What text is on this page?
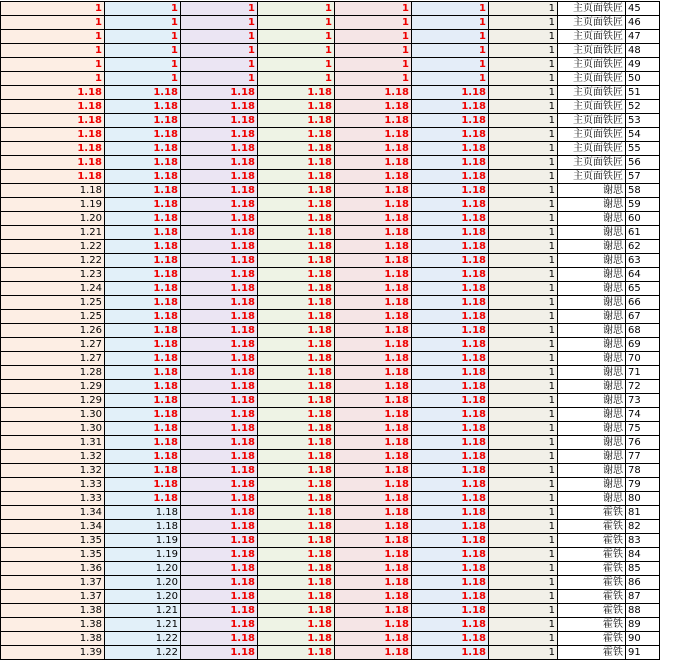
1	1	1	1	1	1	1	主页面铁匠	45
1	1	1	1	1	1	1	主页面铁匠	46
1	1	1	1	1	1	1	主页面铁匠	47
1	1	1	1	1	1	1	主页面铁匠	48
1	1	1	1	1	1	1	主页面铁匠	49
1	1	1	1	1	1	1	主页面铁匠	50
1.18	1.18	1.18	1.18	1.18	1.18	1	主页面铁匠	51
1.18	1.18	1.18	1.18	1.18	1.18	1	主页面铁匠	52
1.18	1.18	1.18	1.18	1.18	1.18	1	主页面铁匠	53
1.18	1.18	1.18	1.18	1.18	1.18	1	主页面铁匠	54
1.18	1.18	1.18	1.18	1.18	1.18	1	主页面铁匠	55
1.18	1.18	1.18	1.18	1.18	1.18	1	主页面铁匠	56
1.18	1.18	1.18	1.18	1.18	1.18	1	主页面铁匠	57
1.18	1.18	1.18	1.18	1.18	1.18	1	谢思	58
1.19	1.18	1.18	1.18	1.18	1.18	1	谢思	59
1.20	1.18	1.18	1.18	1.18	1.18	1	谢思	60
1.21	1.18	1.18	1.18	1.18	1.18	1	谢思	61
1.22	1.18	1.18	1.18	1.18	1.18	1	谢思	62
1.22	1.18	1.18	1.18	1.18	1.18	1	谢思	63
1.23	1.18	1.18	1.18	1.18	1.18	1	谢思	64
1.24	1.18	1.18	1.18	1.18	1.18	1	谢思	65
1.25	1.18	1.18	1.18	1.18	1.18	1	谢思	66
1.25	1.18	1.18	1.18	1.18	1.18	1	谢思	67
1.26	1.18	1.18	1.18	1.18	1.18	1	谢思	68
1.27	1.18	1.18	1.18	1.18	1.18	1	谢思	69
1.27	1.18	1.18	1.18	1.18	1.18	1	谢思	70
1.28	1.18	1.18	1.18	1.18	1.18	1	谢思	71
1.29	1.18	1.18	1.18	1.18	1.18	1	谢思	72
1.29	1.18	1.18	1.18	1.18	1.18	1	谢思	73
1.30	1.18	1.18	1.18	1.18	1.18	1	谢思	74
1.30	1.18	1.18	1.18	1.18	1.18	1	谢思	75
1.31	1.18	1.18	1.18	1.18	1.18	1	谢思	76
1.32	1.18	1.18	1.18	1.18	1.18	1	谢思	77
1.32	1.18	1.18	1.18	1.18	1.18	1	谢思	78
1.33	1.18	1.18	1.18	1.18	1.18	1	谢思	79
1.33	1.18	1.18	1.18	1.18	1.18	1	谢思	80
1.34	1.18	1.18	1.18	1.18	1.18	1	霍铁	81
1.34	1.18	1.18	1.18	1.18	1.18	1	霍铁	82
1.35	1.19	1.18	1.18	1.18	1.18	1	霍铁	83
1.35	1.19	1.18	1.18	1.18	1.18	1	霍铁	84
1.36	1.20	1.18	1.18	1.18	1.18	1	霍铁	85
1.37	1.20	1.18	1.18	1.18	1.18	1	霍铁	86
1.37	1.20	1.18	1.18	1.18	1.18	1	霍铁	87
1.38	1.21	1.18	1.18	1.18	1.18	1	霍铁	88
1.38	1.21	1.18	1.18	1.18	1.18	1	霍铁	89
1.38	1.22	1.18	1.18	1.18	1.18	1	霍铁	90
1.39	1.22	1.18	1.18	1.18	1.18	1	霍铁	91
